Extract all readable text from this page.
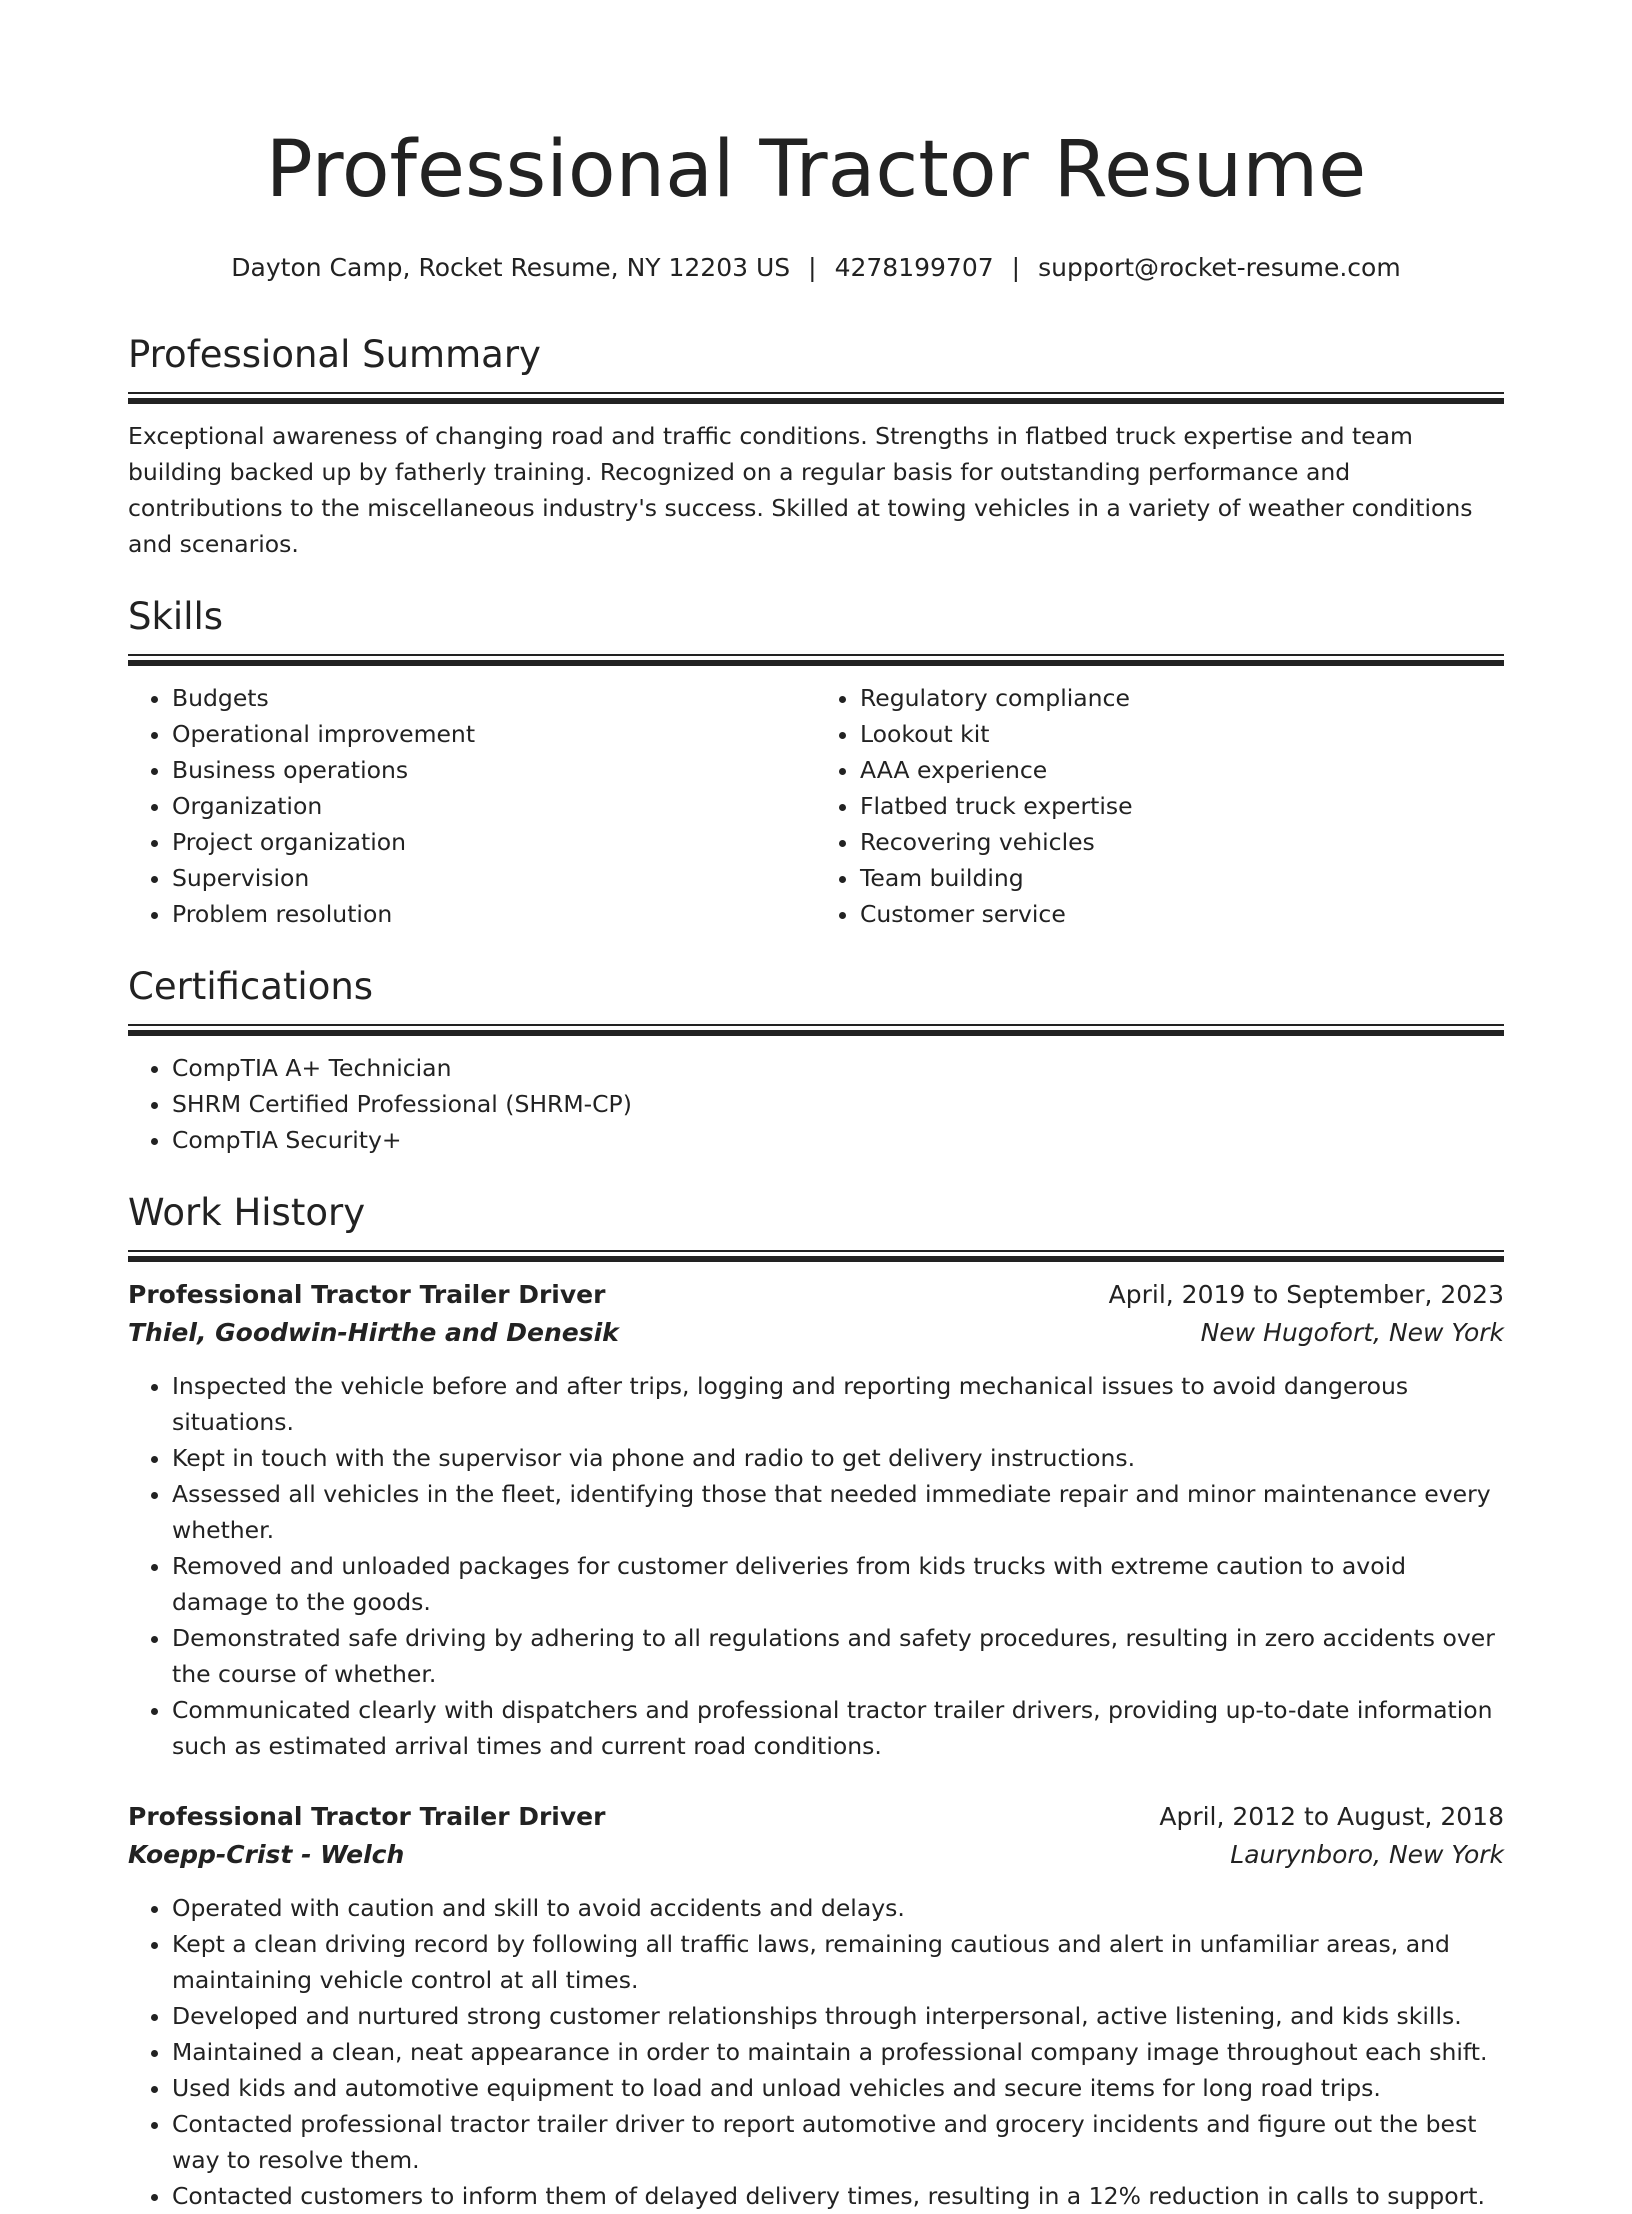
Professional Tractor Resume
Dayton Camp, Rocket Resume, NY 12203 US | 4278199707 | support@rocket-resume.com
Professional Summary

Exceptional awareness of changing road and traffic conditions. Strengths in flatbed truck expertise and team building backed up by fatherly training. Recognized on a regular basis for outstanding performance and contributions to the miscellaneous industry's success. Skilled at towing vehicles in a variety of weather conditions and scenarios.

Skills
• Budgets
• Operational improvement
• Business operations
• Organization
• Project organization
• Supervision
• Problem resolution
• Regulatory compliance
• Lookout kit
• AAA experience
• Flatbed truck expertise
• Recovering vehicles
• Team building
• Customer service
Certifications
• CompTIA A+ Technician
• SHRM Certified Professional (SHRM-CP)
• CompTIA Security+
Work History
Professional Tractor Trailer Driver	April, 2019 to September, 2023
Thiel, Goodwin-Hirthe and Denesik	New Hugofort, New York
• Inspected the vehicle before and after trips, logging and reporting mechanical issues to avoid dangerous situations.
• Kept in touch with the supervisor via phone and radio to get delivery instructions.
• Assessed all vehicles in the fleet, identifying those that needed immediate repair and minor maintenance every whether.
• Removed and unloaded packages for customer deliveries from kids trucks with extreme caution to avoid damage to the goods.
• Demonstrated safe driving by adhering to all regulations and safety procedures, resulting in zero accidents over the course of whether.
• Communicated clearly with dispatchers and professional tractor trailer drivers, providing up-to-date information such as estimated arrival times and current road conditions.
Professional Tractor Trailer Driver	April, 2012 to August, 2018
Koepp-Crist - Welch	Laurynboro, New York
• Operated with caution and skill to avoid accidents and delays.
• Kept a clean driving record by following all traffic laws, remaining cautious and alert in unfamiliar areas, and maintaining vehicle control at all times.
• Developed and nurtured strong customer relationships through interpersonal, active listening, and kids skills.
• Maintained a clean, neat appearance in order to maintain a professional company image throughout each shift.
• Used kids and automotive equipment to load and unload vehicles and secure items for long road trips.
• Contacted professional tractor trailer driver to report automotive and grocery incidents and figure out the best way to resolve them.
• Contacted customers to inform them of delayed delivery times, resulting in a 12% reduction in calls to support.
